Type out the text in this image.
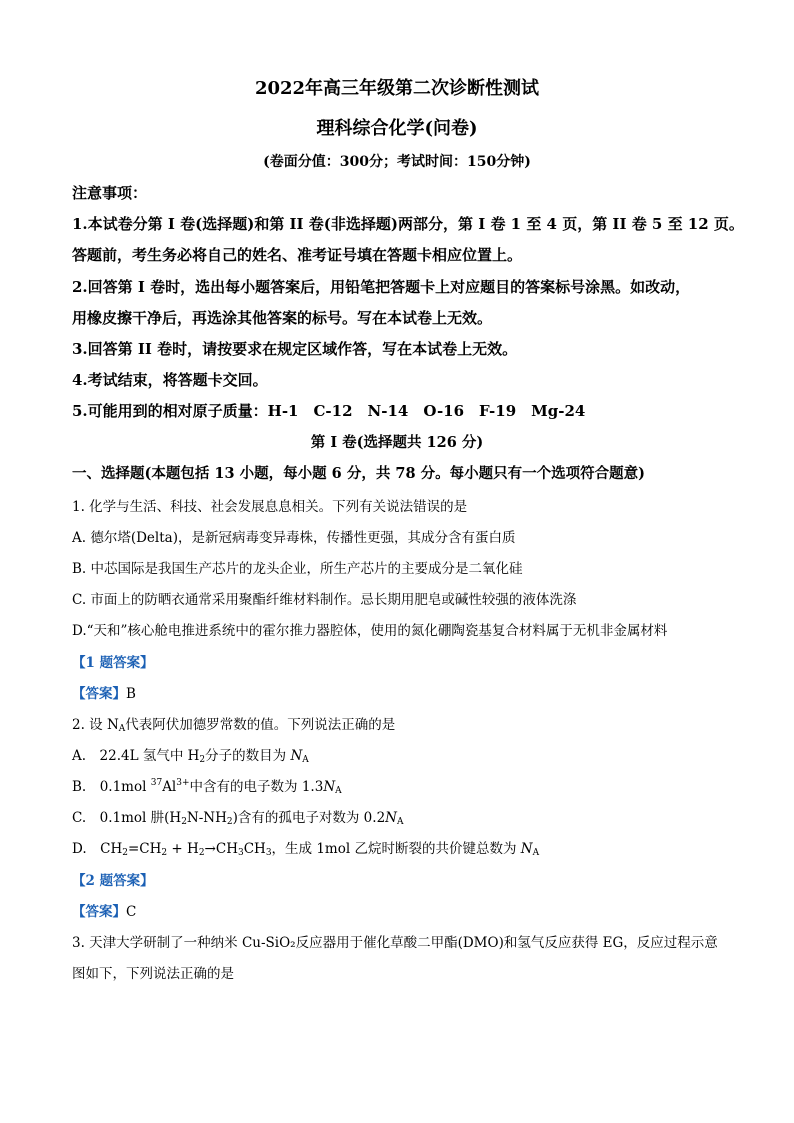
2022年高三年级第二次诊断性测试
理科综合化学(问卷)
(卷面分值：300分；考试时间：150分钟)
注意事项：
1.本试卷分第 I 卷(选择题)和第 II 卷(非选择题)两部分，第 I 卷 1 至 4 页，第 II 卷 5 至 12 页。
答题前，考生务必将自己的姓名、准考证号填在答题卡相应位置上。
2.回答第 I 卷时，选出每小题答案后，用铅笔把答题卡上对应题目的答案标号涂黑。如改动，
用橡皮擦干净后，再选涂其他答案的标号。写在本试卷上无效。
3.回答第 II 卷时，请按要求在规定区域作答，写在本试卷上无效。
4.考试结束，将答题卡交回。
5.可能用到的相对原子质量：H-1　C-12　N-14　O-16　F-19　Mg-24
第 I 卷(选择题共 126 分)
一、选择题(本题包括 13 小题，每小题 6 分，共 78 分。每小题只有一个选项符合题意)
1. 化学与生活、科技、社会发展息息相关。下列有关说法错误的是
A. 德尔塔(Delta)，是新冠病毒变异毒株，传播性更强，其成分含有蛋白质
B. 中芯国际是我国生产芯片的龙头企业，所生产芯片的主要成分是二氧化硅
C. 市面上的防晒衣通常采用聚酯纤维材料制作。忌长期用肥皂或碱性较强的液体洗涤
D.“天和”核心舱电推进系统中的霍尔推力器腔体，使用的氮化硼陶瓷基复合材料属于无机非金属材料
【1 题答案】
【答案】B
2. 设 $N_A$代表阿伏加德罗常数的值。下列说法正确的是
A.　22.4L 氢气中 $H_2$分子的数目为 $N_A$
B.　0.1mol $^{37}Al^{3+}$中含有的电子数为 $1.3N_A$
C.　0.1mol 肼$(H_2N-NH_2)$含有的孤电子对数为 $0.2N_A$
D.　$CH_2=CH_2 + H_2\to CH_3CH_3$，生成 1mol 乙烷时断裂的共价键总数为 $N_A$
【2 题答案】
【答案】C
3. 天津大学研制了一种纳米 Cu-SiO₂反应器用于催化草酸二甲酯(DMO)和氢气反应获得 EG，反应过程示意
图如下，下列说法正确的是
